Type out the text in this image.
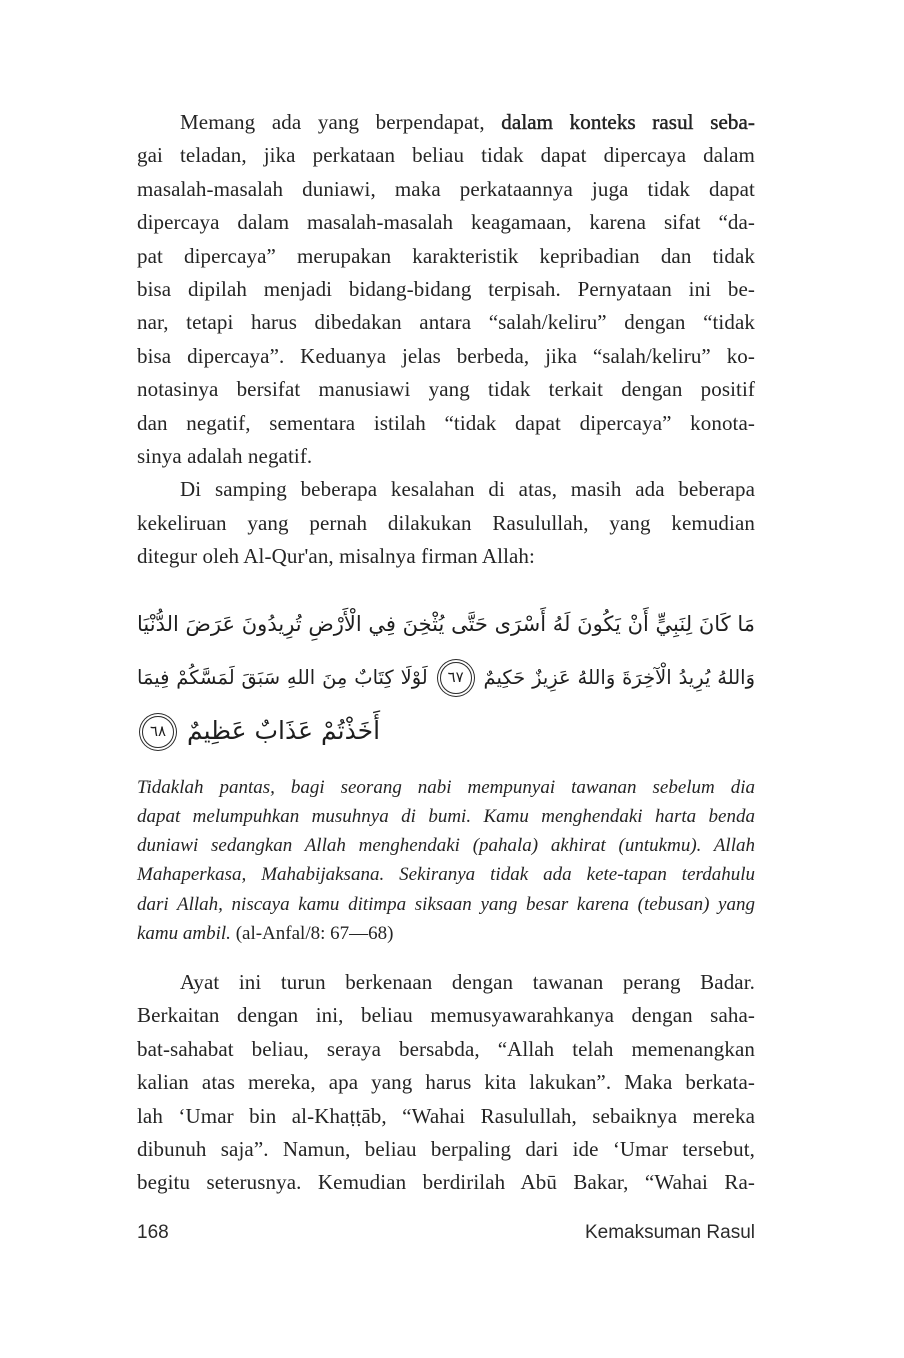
Memang ada yang berpendapat, dalam konteks rasul seba-
gai teladan, jika perkataan beliau tidak dapat dipercaya dalam
masalah-masalah duniawi, maka perkataannya juga tidak dapat
dipercaya dalam masalah-masalah keagamaan, karena sifat “da-
pat dipercaya” merupakan karakteristik kepribadian dan tidak
bisa dipilah menjadi bidang-bidang terpisah. Pernyataan ini be-
nar, tetapi harus dibedakan antara “salah/keliru” dengan “tidak
bisa dipercaya”. Keduanya jelas berbeda, jika “salah/keliru” ko-
notasinya bersifat manusiawi yang tidak terkait dengan positif
dan negatif, sementara istilah “tidak dapat dipercaya” konota-
sinya adalah negatif.
Di samping beberapa kesalahan di atas, masih ada beberapa
kekeliruan yang pernah dilakukan Rasulullah, yang kemudian
ditegur oleh Al-Qur'an, misalnya firman Allah:
مَا كَانَ لِنَبِيٍّ أَنْ يَكُونَ لَهُ أَسْرَى حَتَّى يُثْخِنَ فِي الْأَرْضِ تُرِيدُونَ عَرَضَ الدُّنْيَا
وَاللهُ يُرِيدُ الْآخِرَةَ وَاللهُ عَزِيزٌ حَكِيمٌ ٦٧ لَوْلَا كِتَابٌ مِنَ اللهِ سَبَقَ لَمَسَّكُمْ فِيمَا
أَخَذْتُمْ عَذَابٌ عَظِيمٌ ٦٨
Tidaklah pantas, bagi seorang nabi mempunyai tawanan sebelum dia
dapat melumpuhkan musuhnya di bumi. Kamu menghendaki harta benda
duniawi sedangkan Allah menghendaki (pahala) akhirat (untukmu). Allah
Mahaperkasa, Mahabijaksana. Sekiranya tidak ada kete-tapan terdahulu
dari Allah, niscaya kamu ditimpa siksaan yang besar karena (tebusan) yang
kamu ambil. (al-Anfal/8: 67—68)
Ayat ini turun berkenaan dengan tawanan perang Badar.
Berkaitan dengan ini, beliau memusyawarahkanya dengan saha-
bat-sahabat beliau, seraya bersabda, “Allah telah memenangkan
kalian atas mereka, apa yang harus kita lakukan”. Maka berkata-
lah ‘Umar bin al-Khaṭṭāb, “Wahai Rasulullah, sebaiknya mereka
dibunuh saja”. Namun, beliau berpaling dari ide ‘Umar tersebut,
begitu seterusnya. Kemudian berdirilah Abū Bakar, “Wahai Ra-
168	Kemaksuman Rasul
